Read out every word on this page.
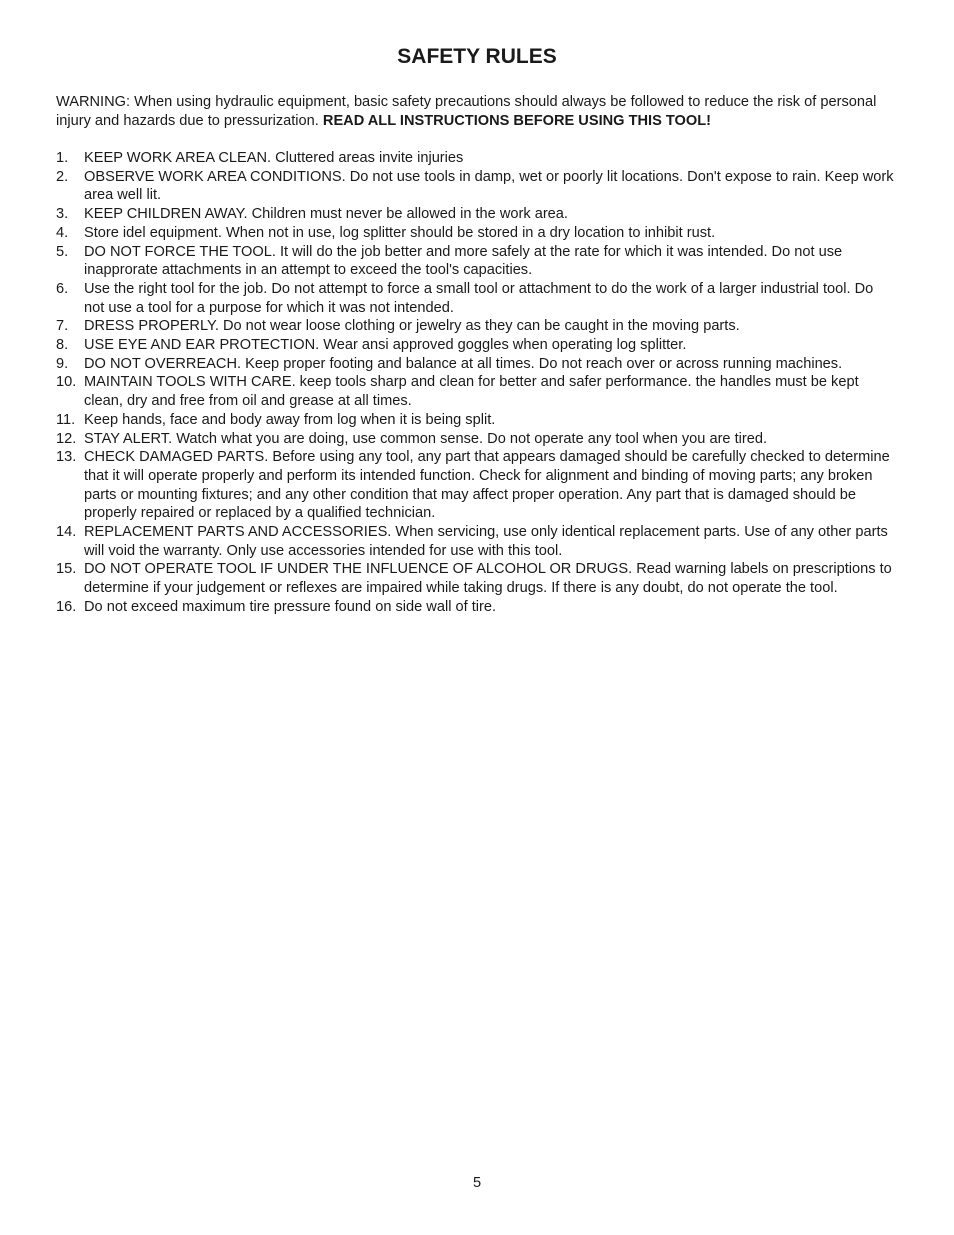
SAFETY RULES

WARNING: When using hydraulic equipment, basic safety precautions should always be followed to reduce the risk of personal injury and hazards due to pressurization. READ ALL INSTRUCTIONS BEFORE USING THIS TOOL!

1.	KEEP WORK AREA CLEAN. Cluttered areas invite injuries
2.	OBSERVE WORK AREA CONDITIONS. Do not use tools in damp, wet or poorly lit locations. Don't expose to rain. Keep work area well lit.
3.	KEEP CHILDREN AWAY. Children must never be allowed in the work area.
4.	Store idel equipment. When not in use, log splitter should be stored in a dry location to inhibit rust.
5.	DO NOT FORCE THE TOOL. It will do the job better and more safely at the rate for which it was intended. Do not use inapprorate attachments in an attempt to exceed the tool's capacities.
6.	Use the right tool for the job. Do not attempt to force a small tool or attachment to do the work of a larger industrial tool. Do not use a tool for a purpose for which it was not intended.
7.	DRESS PROPERLY. Do not wear loose clothing or jewelry as they can be caught in the moving parts.
8.	USE EYE AND EAR PROTECTION. Wear ansi approved goggles when operating log splitter.
9.	DO NOT OVERREACH. Keep proper footing and balance at all times. Do not reach over or across running machines.
10. MAINTAIN TOOLS WITH CARE. keep tools sharp and clean for better and safer performance. the handles must be kept clean, dry and free from oil and grease at all times.
11. Keep hands, face and body away from log when it is being split.
12. STAY ALERT. Watch what you are doing, use common sense. Do not operate any tool when you are tired.
13. CHECK DAMAGED PARTS. Before using any tool, any part that appears damaged should be carefully checked to determine that it will operate properly and perform its intended function. Check for alignment and binding of moving parts; any broken parts or mounting fixtures; and any other condition that may affect proper operation. Any part that is damaged should be properly repaired or replaced by a qualified technician.
14. REPLACEMENT PARTS AND ACCESSORIES. When servicing, use only identical replacement parts. Use of any other parts will void the warranty. Only use accessories intended for use with this tool.
15. DO NOT OPERATE TOOL IF UNDER THE INFLUENCE OF ALCOHOL OR DRUGS. Read warning labels on prescriptions to determine if your judgement or reflexes are impaired while taking drugs. If there is any doubt, do not operate the tool.
16. Do not exceed maximum tire pressure found on side wall of tire.
5
